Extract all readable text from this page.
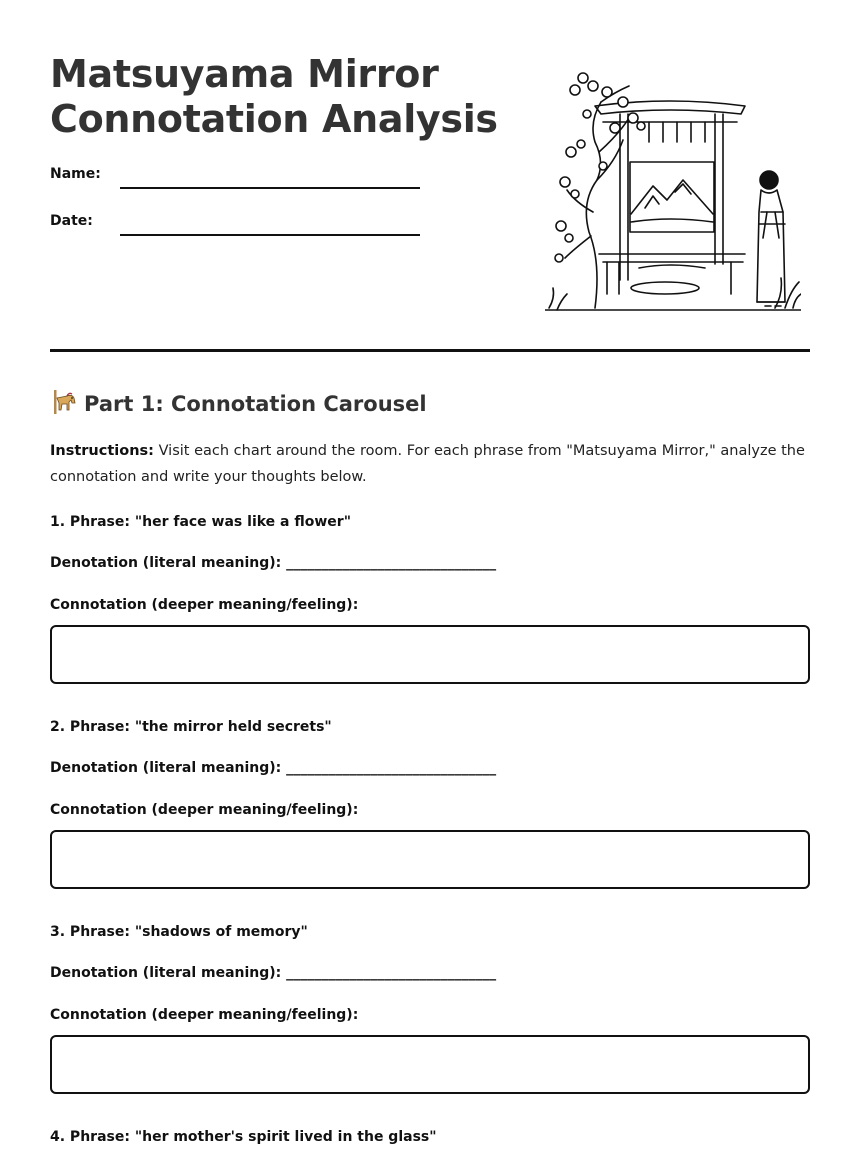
Matsuyama Mirror
Connotation Analysis
Name:
Date:
Part 1: Connotation Carousel
Instructions: Visit each chart around the room. For each phrase from "Matsuyama Mirror," analyze the connotation and write your thoughts below.
1. Phrase: "her face was like a flower"
Denotation (literal meaning): ______________________________
Connotation (deeper meaning/feeling):
2. Phrase: "the mirror held secrets"
Denotation (literal meaning): ______________________________
Connotation (deeper meaning/feeling):
3. Phrase: "shadows of memory"
Denotation (literal meaning): ______________________________
Connotation (deeper meaning/feeling):
4. Phrase: "her mother's spirit lived in the glass"
